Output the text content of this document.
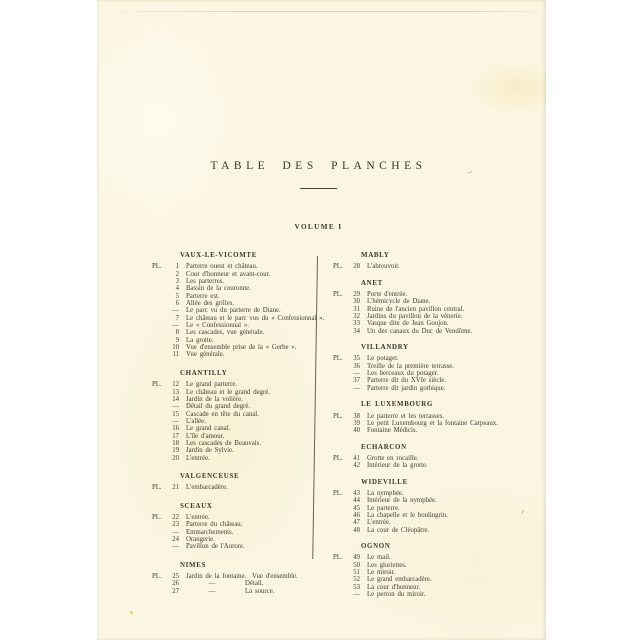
TABLE DES PLANCHES
VOLUME I
VAUX-LE-VICOMTE
PL.	1	Parterre ouest et château.
2	Cour d'honneur et avant-cour.
3	Les parterres.
4	Bassin de la couronne.
5	Parterre est.
6	Allée des grilles.
—	Le parc vu du parterre de Diane.
7	Le château et le parc vus du « Confessionnal ».
—	Le « Confessionnal ».
8	Les cascades, vue générale.
9	La grotte.
10	Vue d'ensemble prise de la « Gerbe ».
11	Vue générale.
CHANTILLY
PL.	12	Le grand parterre.
13	Le château et le grand degré.
14	Jardin de la volière.
—	Détail du grand degré.
15	Cascade en tête du canal.
—	L'allée.
16	Le grand canal.
17	L'île d'amour.
18	Les cascades de Beauvais.
19	Jardin de Sylvie.
20	L'entrée.
VALGENCEUSE
PL.	21	L'embarcadère.
SCEAUX
PL.	22	L'entrée.
23	Parterre du château.
—	Emmarchements.
24	Orangerie.
—	Pavillon de l'Aurore.
NIMES
PL.	25	Jardin de la fontaine. Vue d'ensemble.
26	—	Détail.
27	—	La source.
MABLY
PL.	28	L'abreuvoir.
ANET
PL.	29	Porte d'entrée.
30	L'hémicycle de Diane.
31	Ruine de l'ancien pavillon central.
32	Jardins du pavillon de la vénerie.
33	Vasque dite de Jean Goujon.
34	Un des canaux du Duc de Vendôme.
VILLANDRY
PL.	35	Le potager.
36	Treille de la première terrasse.
—	Les berceaux du potager.
37	Parterre dit du XVIe siècle.
—	Parterre dit jardin gothique.
LE LUXEMBOURG
PL.	38	Le parterre et les terrasses.
39	Le petit Luxembourg et la fontaine Carpeaux.
40	Fontaine Médicis.
ECHARCON
PL.	41	Grotte en rocaille.
42	Intérieur de la grotte.
WIDEVILLE
PL.	43	La nymphée.
44	Intérieur de la nymphée.
45	Le parterre.
46	La chapelle et le boulingrin.
47	L'entrée.
48	La cour de Cléopâtre.
OGNON
PL.	49	Le mail.
50	Les gloriettes.
51	Le miroir.
52	Le grand embarcadère.
53	La cour d'honneur.
—	Le perron du miroir.
